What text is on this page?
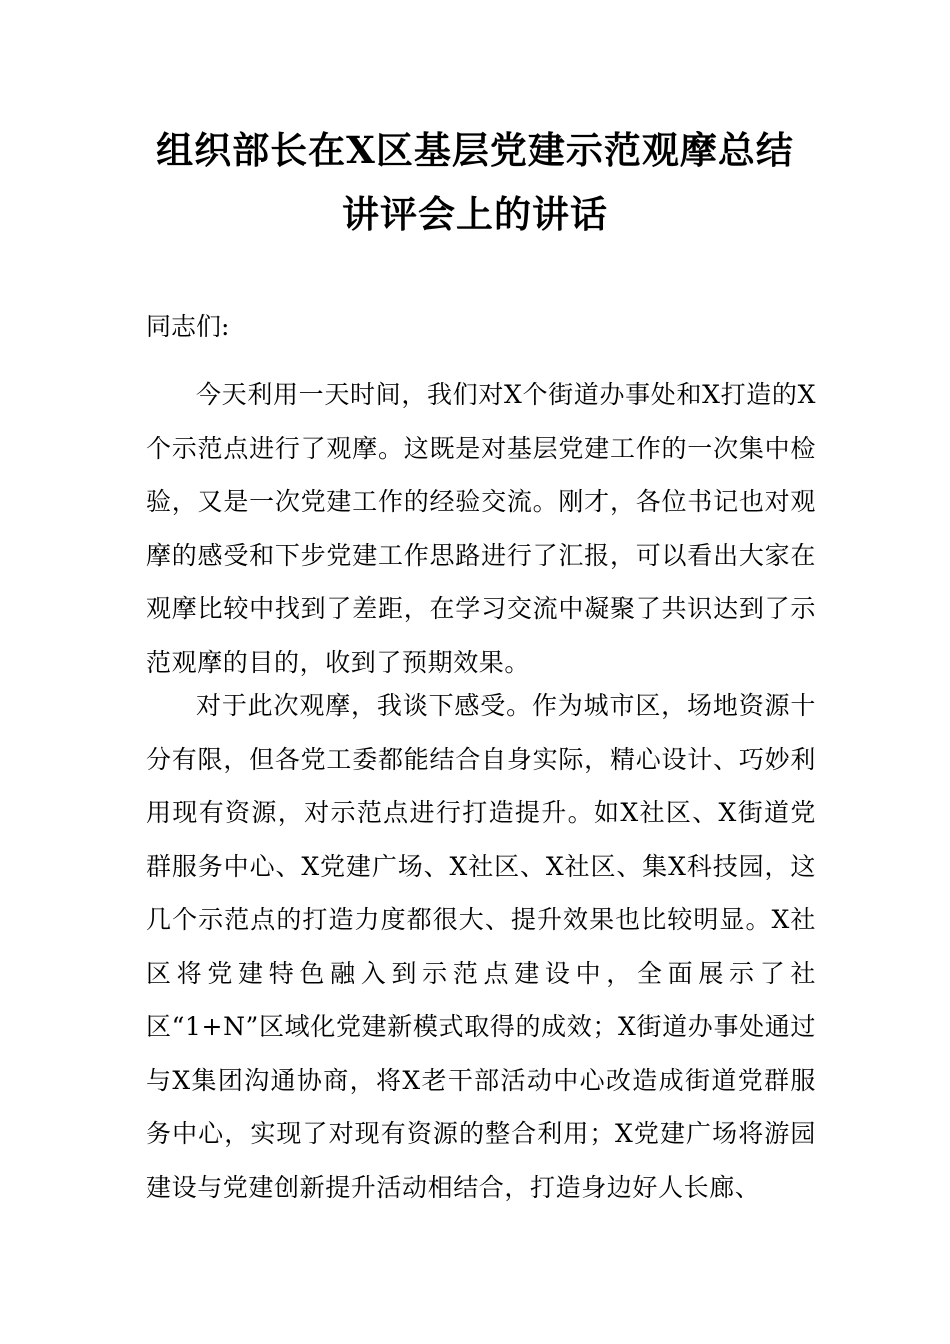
组织部长在X区基层党建示范观摩总结
讲评会上的讲话
同志们:

今天利用一天时间，我们对X个街道办事处和X打造的X个示范点进行了观摩。这既是对基层党建工作的一次集中检验，又是一次党建工作的经验交流。刚才，各位书记也对观摩的感受和下步党建工作思路进行了汇报，可以看出大家在观摩比较中找到了差距，在学习交流中凝聚了共识达到了示范观摩的目的，收到了预期效果。

对于此次观摩，我谈下感受。作为城市区，场地资源十分有限，但各党工委都能结合自身实际，精心设计、巧妙利用现有资源，对示范点进行打造提升。如X社区、X街道党群服务中心、X党建广场、X社区、X社区、集X科技园，这几个示范点的打造力度都很大、提升效果也比较明显。X社区将党建特色融入到示范点建设中，全面展示了社区“1+N”区域化党建新模式取得的成效；X街道办事处通过与X集团沟通协商，将X老干部活动中心改造成街道党群服务中心，实现了对现有资源的整合利用；X党建广场将游园建设与党建创新提升活动相结合，打造身边好人长廊、
